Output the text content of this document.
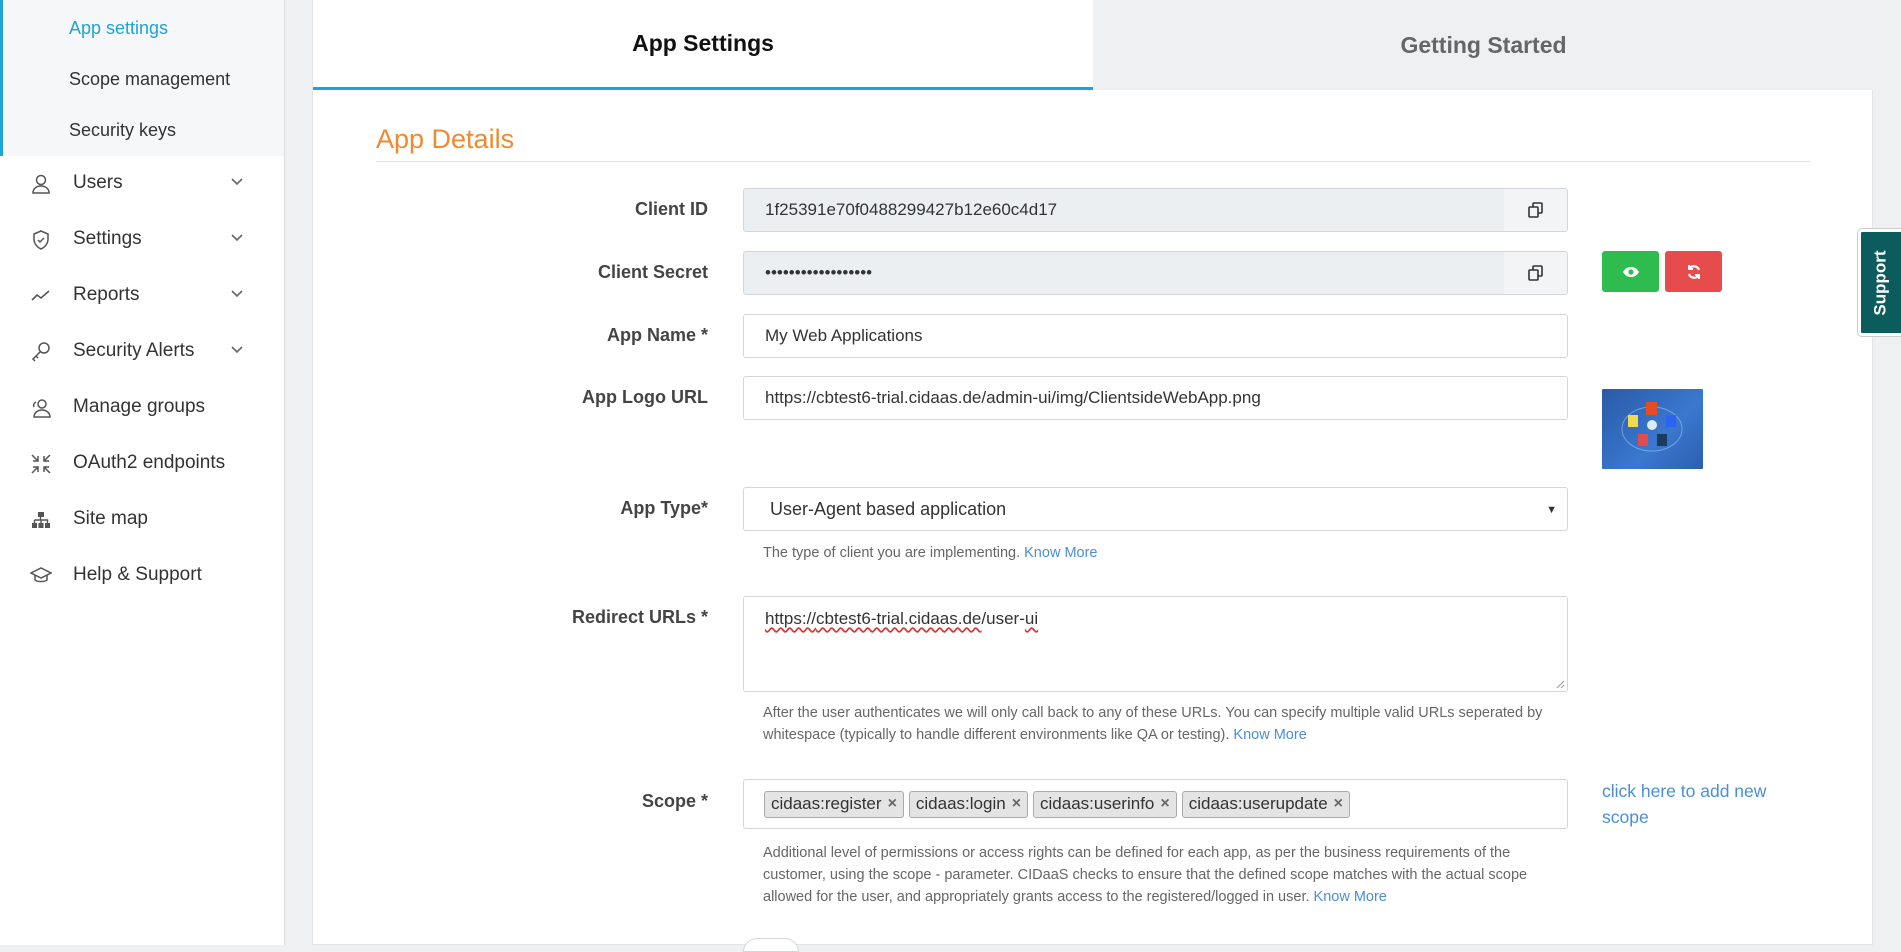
App settings
Scope management
Security keys
Users
Settings
Reports
Security Alerts
Manage groups
OAuth2 endpoints
Site map
Help & Support
App Settings	Getting Started
App Details
Client ID	1f25391e70f0488299427b12e60c4d17
Client Secret	••••••••••••••••••
App Name *	My Web Applications
App Logo URL	https://cbtest6-trial.cidaas.de/admin-ui/img/ClientsideWebApp.png
App Type*	User-Agent based application	▼
The type of client you are implementing. Know More
Redirect URLs *	https://cbtest6-trial.cidaas.de/user-ui
After the user authenticates we will only call back to any of these URLs. You can specify multiple valid URLs seperated by whitespace (typically to handle different environments like QA or testing). Know More
Scope *	cidaas:register × cidaas:login × cidaas:userinfo × cidaas:userupdate ×
click here to add new scope
Additional level of permissions or access rights can be defined for each app, as per the business requirements of the customer, using the scope - parameter. CIDaaS checks to ensure that the defined scope matches with the actual scope allowed for the user, and appropriately grants access to the registered/logged in user. Know More
Support
